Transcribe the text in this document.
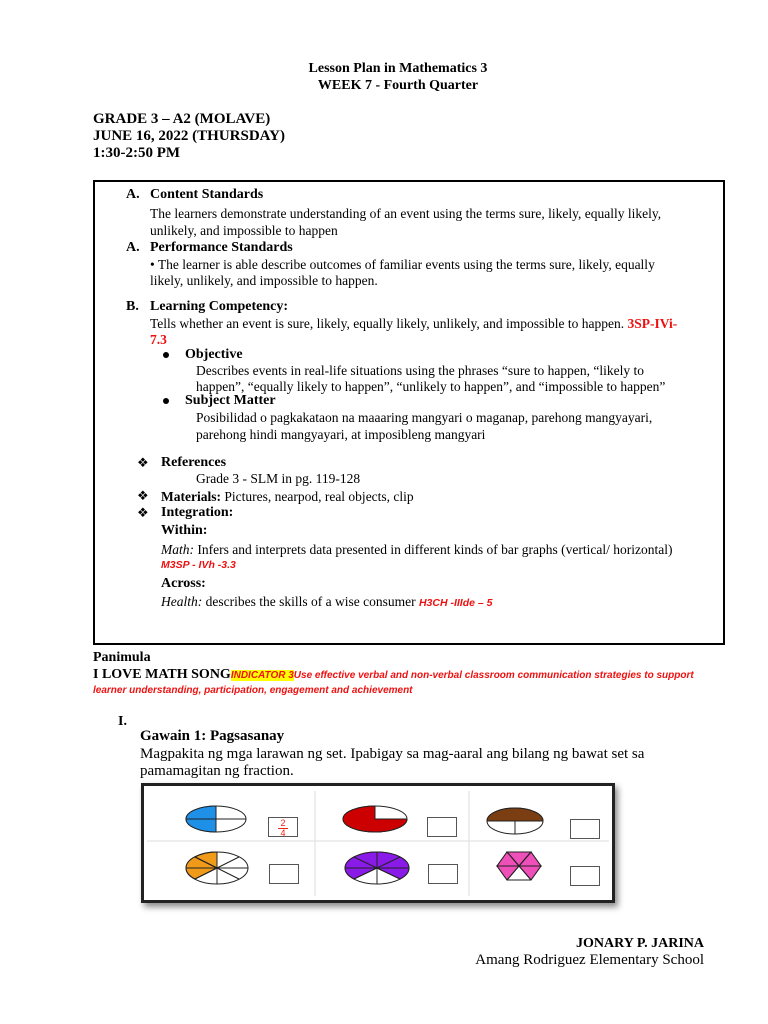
Lesson Plan in Mathematics 3
WEEK 7 - Fourth Quarter
GRADE 3 – A2 (MOLAVE)
JUNE 16, 2022 (THURSDAY)
1:30-2:50 PM
A. Content Standards
The learners demonstrate understanding of an event using the terms sure, likely, equally likely,
unlikely, and impossible to happen
A. Performance Standards
• The learner is able describe outcomes of familiar events using the terms sure, likely, equally
likely, unlikely, and impossible to happen.
B. Learning Competency:
Tells whether an event is sure, likely, equally likely, unlikely, and impossible to happen. 3SP-IVi-
7.3
Objective
Describes events in real-life situations using the phrases “sure to happen, “likely to
happen”, “equally likely to happen”, “unlikely to happen”, and “impossible to happen”
Subject Matter
Posibilidad o pagkakataon na maaaring mangyari o maganap, parehong mangyayari,
parehong hindi mangyayari, at imposibleng mangyari
❖ References
Grade 3 - SLM in pg. 119-128
❖ Materials: Pictures, nearpod, real objects, clip
❖ Integration:
Within:
Math: Infers and interprets data presented in different kinds of bar graphs (vertical/ horizontal)
M3SP - IVh -3.3
Across:
Health: describes the skills of a wise consumer H3CH -IIIde – 5
Panimula
I LOVE MATH SONGINDICATOR 3Use effective verbal and non-verbal classroom communication strategies to support
learner understanding, participation, engagement and achievement
I.
Gawain 1: Pagsasanay
Magpakita ng mga larawan ng set. Ipabigay sa mag-aaral ang bilang ng bawat set sa
pamamagitan ng fraction.
2
4
JONARY P. JARINA
Amang Rodriguez Elementary School
